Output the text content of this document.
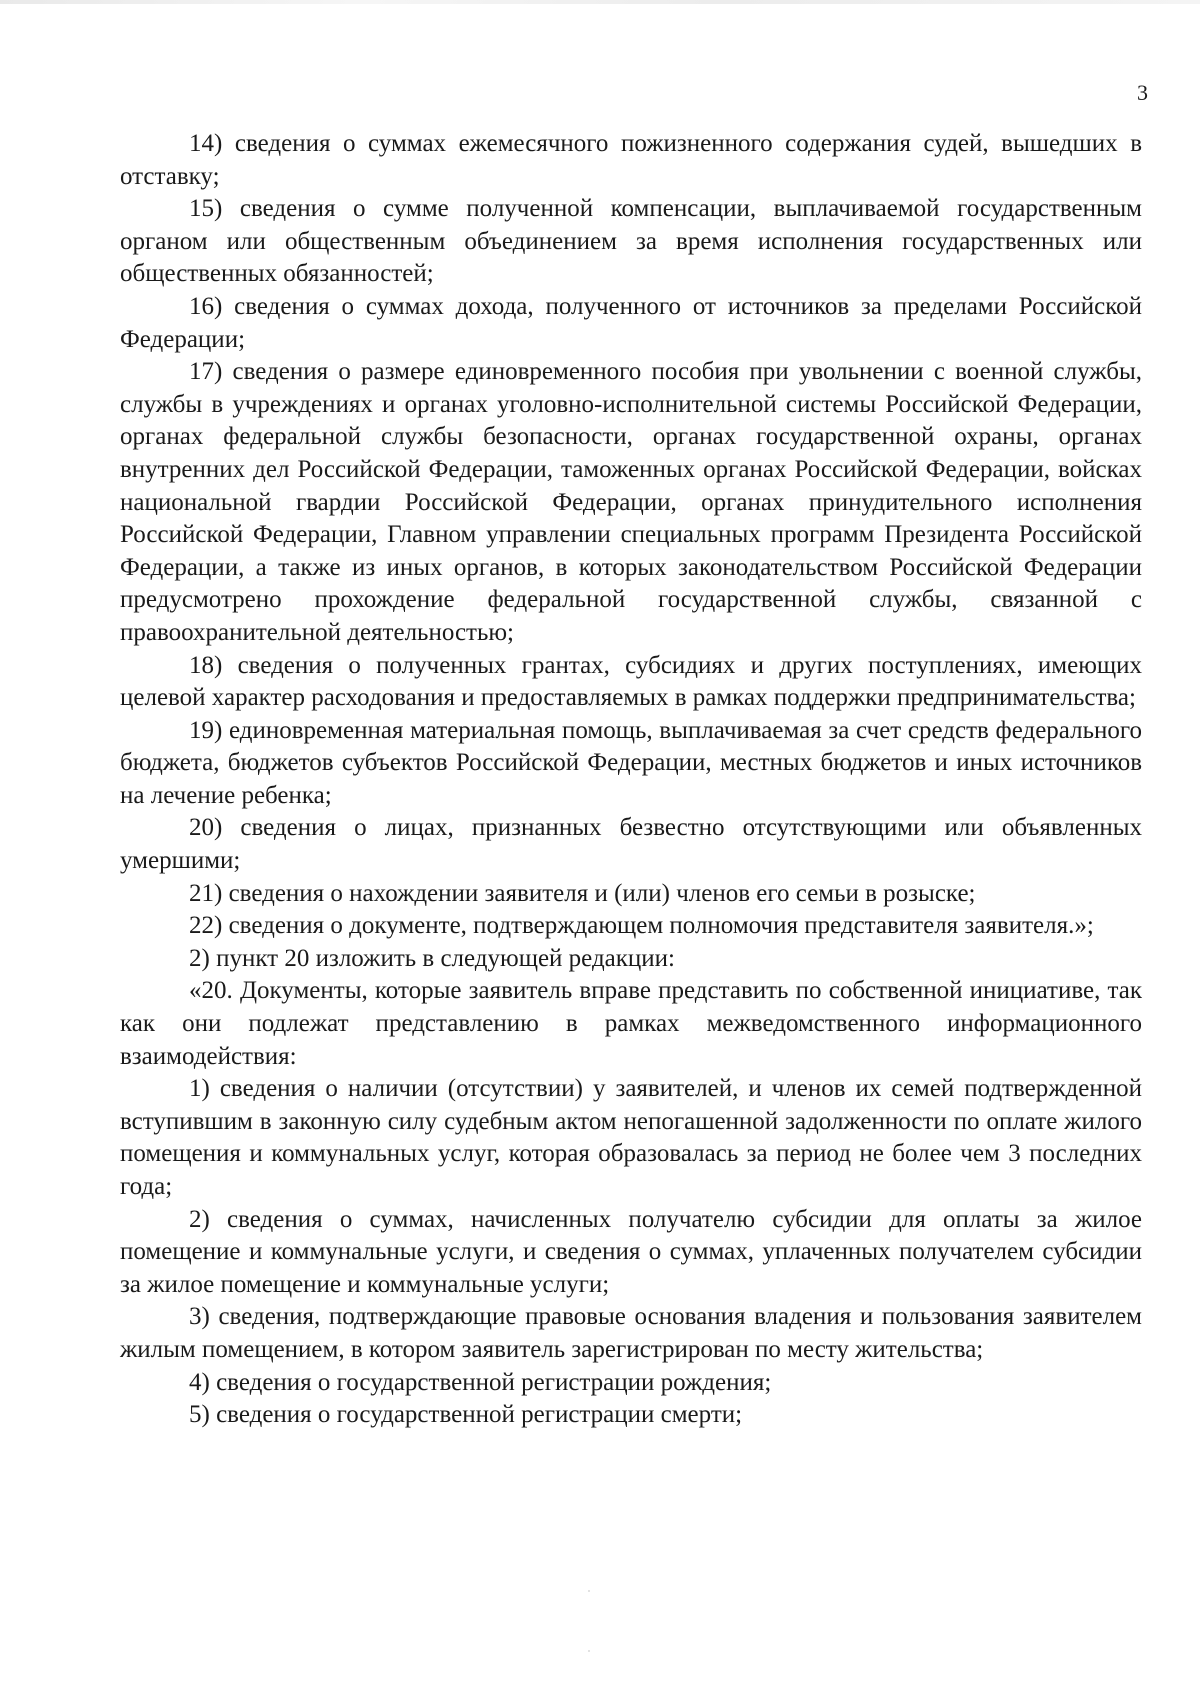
3

14) сведения о суммах ежемесячного пожизненного содержания судей, вышедших в отставку;

15) сведения о сумме полученной компенсации, выплачиваемой государственным органом или общественным объединением за время исполнения государственных или общественных обязанностей;

16) сведения о суммах дохода, полученного от источников за пределами Российской Федерации;

17) сведения о размере единовременного пособия при увольнении с военной службы, службы в учреждениях и органах уголовно-исполнительной системы Российской Федерации, органах федеральной службы безопасности, органах государственной охраны, органах внутренних дел Российской Федерации, таможенных органах Российской Федерации, войсках национальной гвардии Российской Федерации, органах принудительного исполнения Российской Федерации, Главном управлении специальных программ Президента Российской Федерации, а также из иных органов, в которых законодательством Российской Федерации предусмотрено прохождение федеральной государственной службы, связанной с правоохранительной деятельностью;

18) сведения о полученных грантах, субсидиях и других поступлениях, имеющих целевой характер расходования и предоставляемых в рамках поддержки предпринимательства;

19) единовременная материальная помощь, выплачиваемая за счет средств федерального бюджета, бюджетов субъектов Российской Федерации, местных бюджетов и иных источников на лечение ребенка;

20) сведения о лицах, признанных безвестно отсутствующими или объявленных умершими;

21) сведения о нахождении заявителя и (или) членов его семьи в розыске;

22) сведения о документе, подтверждающем полномочия представителя заявителя.»;

2) пункт 20 изложить в следующей редакции:

«20. Документы, которые заявитель вправе представить по собственной инициативе, так как они подлежат представлению в рамках межведомственного информационного взаимодействия:

1) сведения о наличии (отсутствии) у заявителей, и членов их семей подтвержденной вступившим в законную силу судебным актом непогашенной задолженности по оплате жилого помещения и коммунальных услуг, которая образовалась за период не более чем 3 последних года;

2) сведения о суммах, начисленных получателю субсидии для оплаты за жилое помещение и коммунальные услуги, и сведения о суммах, уплаченных получателем субсидии за жилое помещение и коммунальные услуги;

3) сведения, подтверждающие правовые основания владения и пользования заявителем жилым помещением, в котором заявитель зарегистрирован по месту жительства;

4) сведения о государственной регистрации рождения;

5) сведения о государственной регистрации смерти;
